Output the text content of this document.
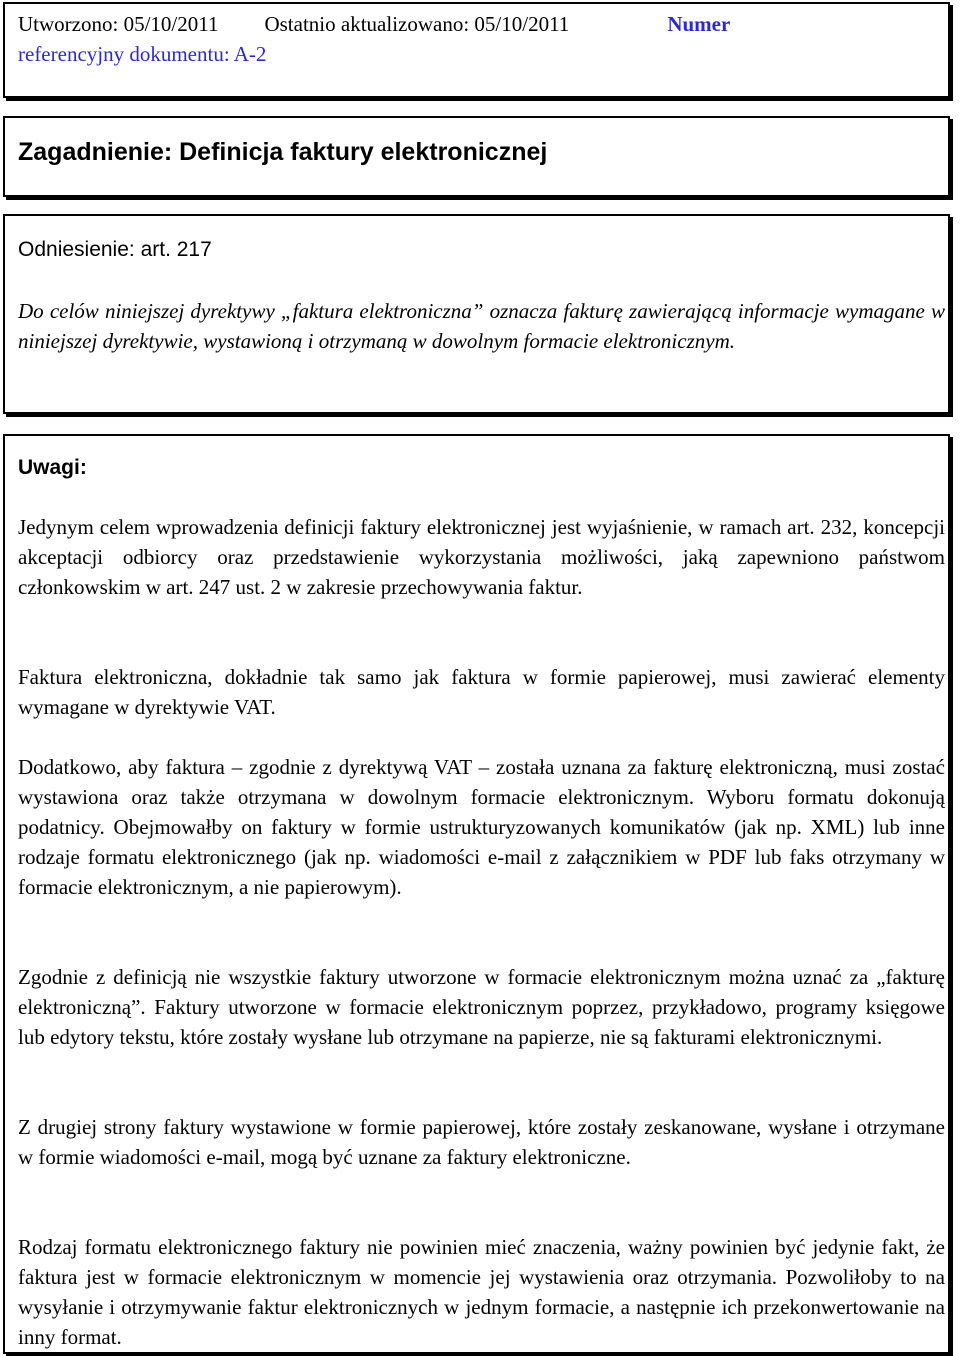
Utworzono: 05/10/2011 Ostatnio aktualizowano: 05/10/2011	Numer
referencyjny dokumentu: A-2
Zagadnienie: Definicja faktury elektronicznej
Odniesienie: art. 217
Do celów niniejszej dyrektywy „faktura elektroniczna” oznacza fakturę zawierającą informacje wymagane w niniejszej dyrektywie, wystawioną i otrzymaną w dowolnym formacie elektronicznym.
Uwagi:

Jedynym celem wprowadzenia definicji faktury elektronicznej jest wyjaśnienie, w ramach art. 232, koncepcji akceptacji odbiorcy oraz przedstawienie wykorzystania możliwości, jaką zapewniono państwom członkowskim w art. 247 ust. 2 w zakresie przechowywania faktur.

Faktura elektroniczna, dokładnie tak samo jak faktura w formie papierowej, musi zawierać elementy wymagane w dyrektywie VAT.

Dodatkowo, aby faktura – zgodnie z dyrektywą VAT – została uznana za fakturę elektroniczną, musi zostać wystawiona oraz także otrzymana w dowolnym formacie elektronicznym. Wyboru formatu dokonują podatnicy. Obejmowałby on faktury w formie ustrukturyzowanych komunikatów (jak np. XML) lub inne rodzaje formatu elektronicznego (jak np. wiadomości e-mail z załącznikiem w PDF lub faks otrzymany w formacie elektronicznym, a nie papierowym).

Zgodnie z definicją nie wszystkie faktury utworzone w formacie elektronicznym można uznać za „fakturę elektroniczną”. Faktury utworzone w formacie elektronicznym poprzez, przykładowo, programy księgowe lub edytory tekstu, które zostały wysłane lub otrzymane na papierze, nie są fakturami elektronicznymi.

Z drugiej strony faktury wystawione w formie papierowej, które zostały zeskanowane, wysłane i otrzymane w formie wiadomości e-mail, mogą być uznane za faktury elektroniczne.

Rodzaj formatu elektronicznego faktury nie powinien mieć znaczenia, ważny powinien być jedynie fakt, że faktura jest w formacie elektronicznym w momencie jej wystawienia oraz otrzymania. Pozwoliłoby to na wysyłanie i otrzymywanie faktur elektronicznych w jednym formacie, a następnie ich przekonwertowanie na inny format.
